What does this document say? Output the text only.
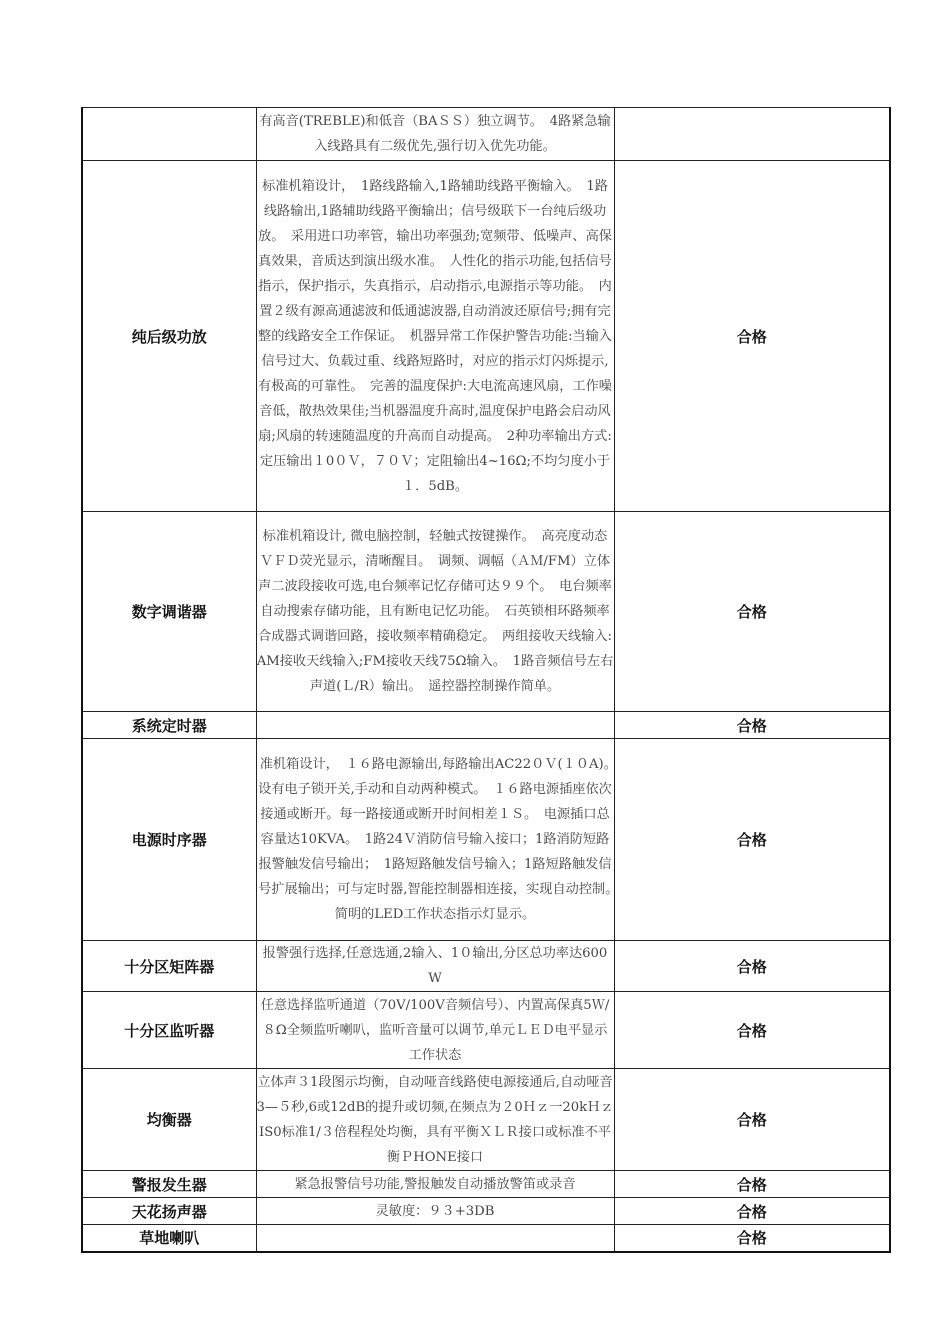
	有高音(TREBLE)和低音（BAＳＳ）独立调节。　4路紧急输入线路具有二级优先,强行切入优先功能。	
纯后级功放	标准机箱设计，　1路线路输入,1路辅助线路平衡输入。　1路线路输出,1路辅助线路平衡输出；信号级联下一台纯后级功放。　采用进口功率管，输出功率强劲;宽频带、低噪声、高保真效果，音质达到演出级水准。　人性化的指示功能,包括信号指示，保护指示，失真指示，启动指示,电源指示等功能。　内置２级有源高通滤波和低通滤波器,自动消波还原信号;拥有完整的线路安全工作保证。　机器异常工作保护警告功能:当输入信号过大、负载过重、线路短路时，对应的指示灯闪烁提示,有极高的可靠性。　完善的温度保护:大电流高速风扇，工作噪音低，散热效果佳;当机器温度升高时,温度保护电路会启动风扇;风扇的转速随温度的升高而自动提高。　2种功率输出方式:定压输出１0０Ｖ，７０Ｖ；定阻输出4~16Ω;不均匀度小于１．5dB。	合格
数字调谐器	标准机箱设计, 微电脑控制，轻触式按键操作。　高亮度动态ＶＦＤ荧光显示，清晰醒目。　调频、调幅（ＡＭ/FM）立体声二波段接收可选,电台频率记忆存储可达９９个。　电台频率自动搜索存储功能，且有断电记忆功能。　石英锁相环路频率合成器式调谐回路，接收频率精确稳定。　两组接收天线输入:AM接收天线输入;FM接收天线75Ω输入。　1路音频信号左右声道(Ｌ/R）输出。　遥控器控制操作简单。	合格
系统定时器		合格
电源时序器	准机箱设计，　１６路电源输出,每路输出AC22０Ｖ(１０A)。　设有电子锁开关,手动和自动两种模式。　１６路电源插座依次接通或断开。每一路接通或断开时间相差１Ｓ。　电源插口总容量达10KVA。　1路24Ｖ消防信号输入接口；1路消防短路报警触发信号输出；　1路短路触发信号输入；1路短路触发信号扩展输出；可与定时器,智能控制器相连接，实现自动控制。　简明的LED工作状态指示灯显示。	合格
十分区矩阵器	报警强行选择,任意选通,2输入、1０输出,分区总功率达600W	合格
十分区监听器	任意选择监听通道（70V/100V音频信号）、内置高保真5Ｗ/８Ω全频监听喇叭，监听音量可以调节,单元ＬＥＤ电平显示工作状态	合格
均衡器	立体声３1段图示均衡，自动哑音线路使电源接通后,自动哑音3—５秒,6或12dB的提升或切频,在频点为２0Ｈｚ一20kＨｚ IS0标准1/３倍程程处均衡，具有平衡ＸＬＲ接口或标准不平衡ＰHONE接口	合格
警报发生器	紧急报警信号功能,警报触发自动播放警笛或录音	合格
天花扬声器	灵敏度：９３+3DB	合格
草地喇叭		合格
